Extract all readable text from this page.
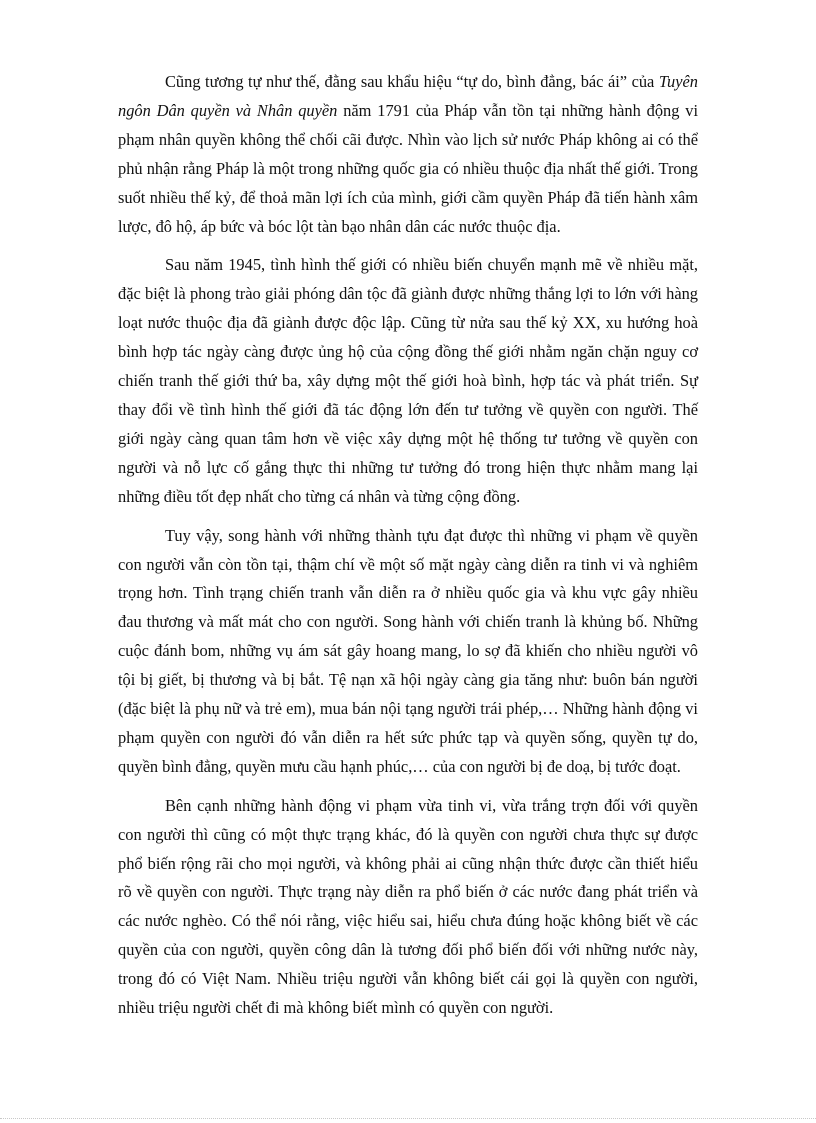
Cũng tương tự như thế, đằng sau khẩu hiệu “tự do, bình đẳng, bác ái” của Tuyên ngôn Dân quyền và Nhân quyền năm 1791 của Pháp vẫn tồn tại những hành động vi phạm nhân quyền không thể chối cãi được. Nhìn vào lịch sử nước Pháp không ai có thể phủ nhận rằng Pháp là một trong những quốc gia có nhiều thuộc địa nhất thế giới. Trong suốt nhiều thế kỷ, để thoả mãn lợi ích của mình, giới cầm quyền Pháp đã tiến hành xâm lược, đô hộ, áp bức và bóc lột tàn bạo nhân dân các nước thuộc địa.

Sau năm 1945, tình hình thế giới có nhiều biến chuyển mạnh mẽ về nhiều mặt, đặc biệt là phong trào giải phóng dân tộc đã giành được những thắng lợi to lớn với hàng loạt nước thuộc địa đã giành được độc lập. Cũng từ nửa sau thế kỷ XX, xu hướng hoà bình hợp tác ngày càng được ủng hộ của cộng đồng thế giới nhằm ngăn chặn nguy cơ chiến tranh thế giới thứ ba, xây dựng một thế giới hoà bình, hợp tác và phát triển. Sự thay đổi về tình hình thế giới đã tác động lớn đến tư tưởng về quyền con người. Thế giới ngày càng quan tâm hơn về việc xây dựng một hệ thống tư tưởng về quyền con người và nỗ lực cố gắng thực thi những tư tưởng đó trong hiện thực nhằm mang lại những điều tốt đẹp nhất cho từng cá nhân và từng cộng đồng.

Tuy vậy, song hành với những thành tựu đạt được thì những vi phạm về quyền con người vẫn còn tồn tại, thậm chí về một số mặt ngày càng diễn ra tinh vi và nghiêm trọng hơn. Tình trạng chiến tranh vẫn diễn ra ở nhiều quốc gia và khu vực gây nhiều đau thương và mất mát cho con người. Song hành với chiến tranh là khủng bố. Những cuộc đánh bom, những vụ ám sát gây hoang mang, lo sợ đã khiến cho nhiều người vô tội bị giết, bị thương và bị bắt. Tệ nạn xã hội ngày càng gia tăng như: buôn bán người (đặc biệt là phụ nữ và trẻ em), mua bán nội tạng người trái phép,… Những hành động vi phạm quyền con người đó vẫn diễn ra hết sức phức tạp và quyền sống, quyền tự do, quyền bình đẳng, quyền mưu cầu hạnh phúc,… của con người bị đe doạ, bị tước đoạt.

Bên cạnh những hành động vi phạm vừa tinh vi, vừa trắng trợn đối với quyền con người thì cũng có một thực trạng khác, đó là quyền con người chưa thực sự được phổ biến rộng rãi cho mọi người, và không phải ai cũng nhận thức được cần thiết hiểu rõ về quyền con người. Thực trạng này diễn ra phổ biến ở các nước đang phát triển và các nước nghèo. Có thể nói rằng, việc hiểu sai, hiểu chưa đúng hoặc không biết về các quyền của con người, quyền công dân là tương đối phổ biến đối với những nước này, trong đó có Việt Nam. Nhiều triệu người vẫn không biết cái gọi là quyền con người, nhiều triệu người chết đi mà không biết mình có quyền con người.
